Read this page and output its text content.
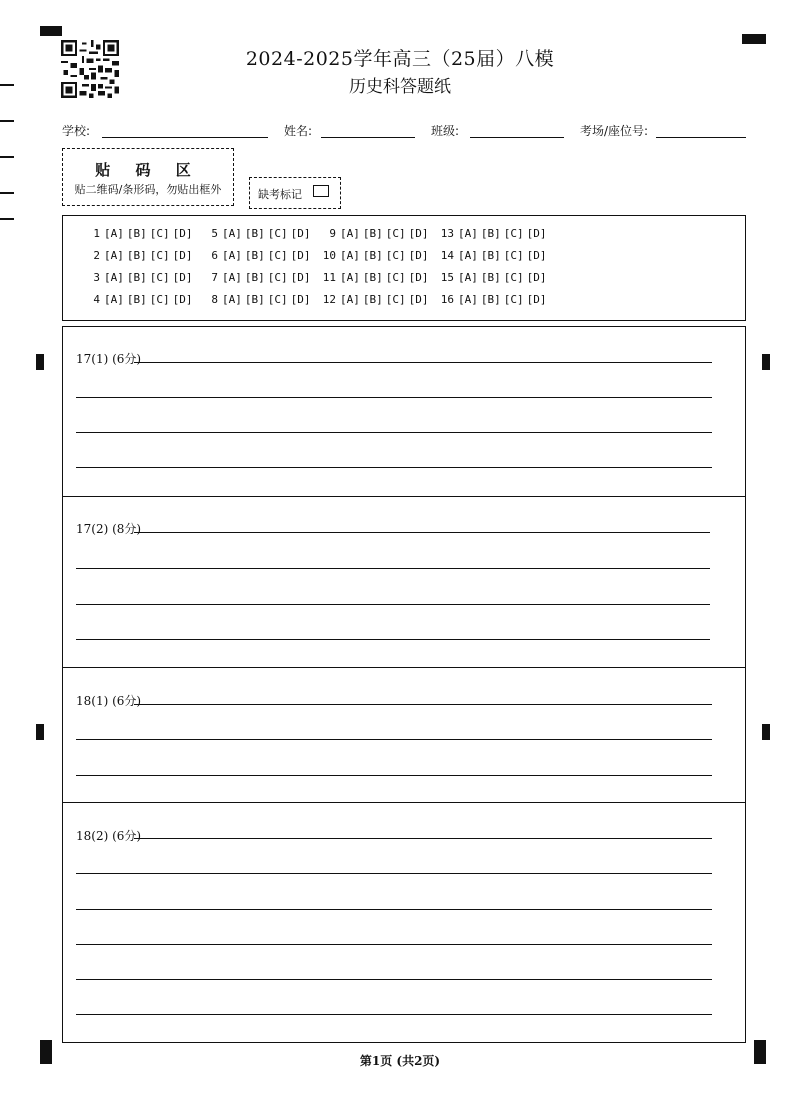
2024-2025学年高三（25届）八模
历史科答题纸
学校:	姓名:	班级:	考场/座位号:
贴 码 区
贴二维码/条形码，勿贴出框外	缺考标记
1 [A] [B] [C] [D]	5 [A] [B] [C] [D]	9 [A] [B] [C] [D] 13 [A] [B] [C] [D]
2 [A] [B] [C] [D]	6 [A] [B] [C] [D] 10 [A] [B] [C] [D] 14 [A] [B] [C] [D]
3 [A] [B] [C] [D]	7 [A] [B] [C] [D] 11 [A] [B] [C] [D] 15 [A] [B] [C] [D]
4 [A] [B] [C] [D]	8 [A] [B] [C] [D] 12 [A] [B] [C] [D] 16 [A] [B] [C] [D]
17(1) (6分)
17(2) (8分)
18(1) (6分)
18(2) (6分)
第1页 (共2页)
